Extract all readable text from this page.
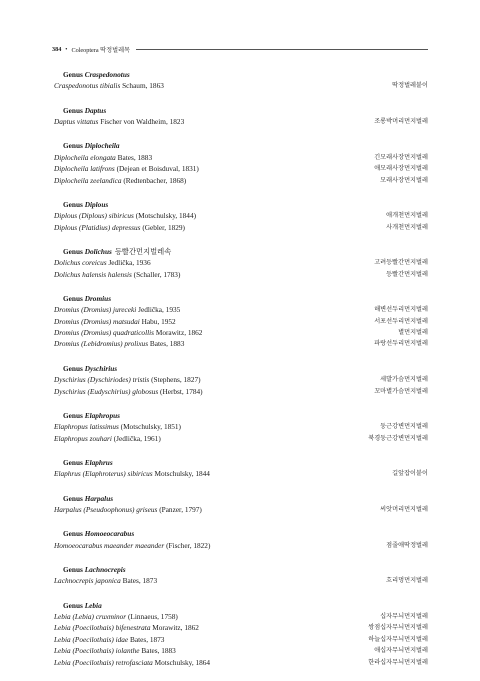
384 • Coleoptera 딱정벌레목
Genus Craspedonotus
Craspedonotus tibialis Schaum, 1863	딱정벌레붙이
Genus Daptus
Daptus vittatus Fischer von Waldheim, 1823	조롱박머리먼지벌레
Genus Diplocheila
Diplocheila elongata Bates, 1883	긴모래사장먼지벌레
Diplocheila latifrons (Dejean et Boisduval, 1831)	애모래사장먼지벌레
Diplocheila zeelandica (Redtenbacher, 1868)	모래사장먼지벌레
Genus Diplous
Diplous (Diplous) sibiricus (Motschulsky, 1844)	애개천먼지벌레
Diplous (Platidius) depressus (Gebler, 1829)	사개천먼지벌레
Genus Dolichus 등빨간먼지벌레속
Dolichus coreicus Jedlička, 1936	고려등빨간먼지벌레
Dolichus halensis halensis (Schaller, 1783)	등빨간먼지벌레
Genus Dromius
Dromius (Dromius) jureceki Jedlička, 1935	해변선두리먼지벌레
Dromius (Dromius) matsudai Habu, 1952	서포선두리먼지벌레
Dromius (Dromius) quadraticollis Morawitz, 1862	별먼지벌레
Dromius (Lebidromius) prolixus Bates, 1883	파랑선두리먼지벌레
Genus Dyschirius
Dyschirius (Dyschiriodes) tristis (Stephens, 1827)	세발가슴먼지벌레
Dyschirius (Eudyschirius) globosus (Herbst, 1784)	꼬마별가슴먼지벌레
Genus Elaphropus
Elaphropus latissimus (Motschulsky, 1851)	둥근강변먼지벌레
Elaphropus zouhari (Jedlička, 1961)	북경둥근강변먼지벌레
Genus Elaphrus
Elaphrus (Elaphroterus) sibiricus Motschulsky, 1844	길앞잡이붙이
Genus Harpalus
Harpalus (Pseudoophonus) griseus (Panzer, 1797)	씨앗머리먼지벌레
Genus Homoeocarabus
Homoeocarabus maeander maeander (Fischer, 1822)	점줄애딱정벌레
Genus Lachnocrepis
Lachnocrepis japonica Bates, 1873	흐리멍먼지벌레
Genus Lebia
Lebia (Lebia) cruxminor (Linnaeus, 1758)	십자무늬먼지벌레
Lebia (Poecilothais) bifenestrata Morawitz, 1862	쌍점십자무늬먼지벌레
Lebia (Poecilothais) idae Bates, 1873	하늘십자무늬먼지벌레
Lebia (Poecilothais) iolanthe Bates, 1883	애십자무늬먼지벌레
Lebia (Poecilothais) retrofasciata Motschulsky, 1864	한라십자무늬먼지벌레
